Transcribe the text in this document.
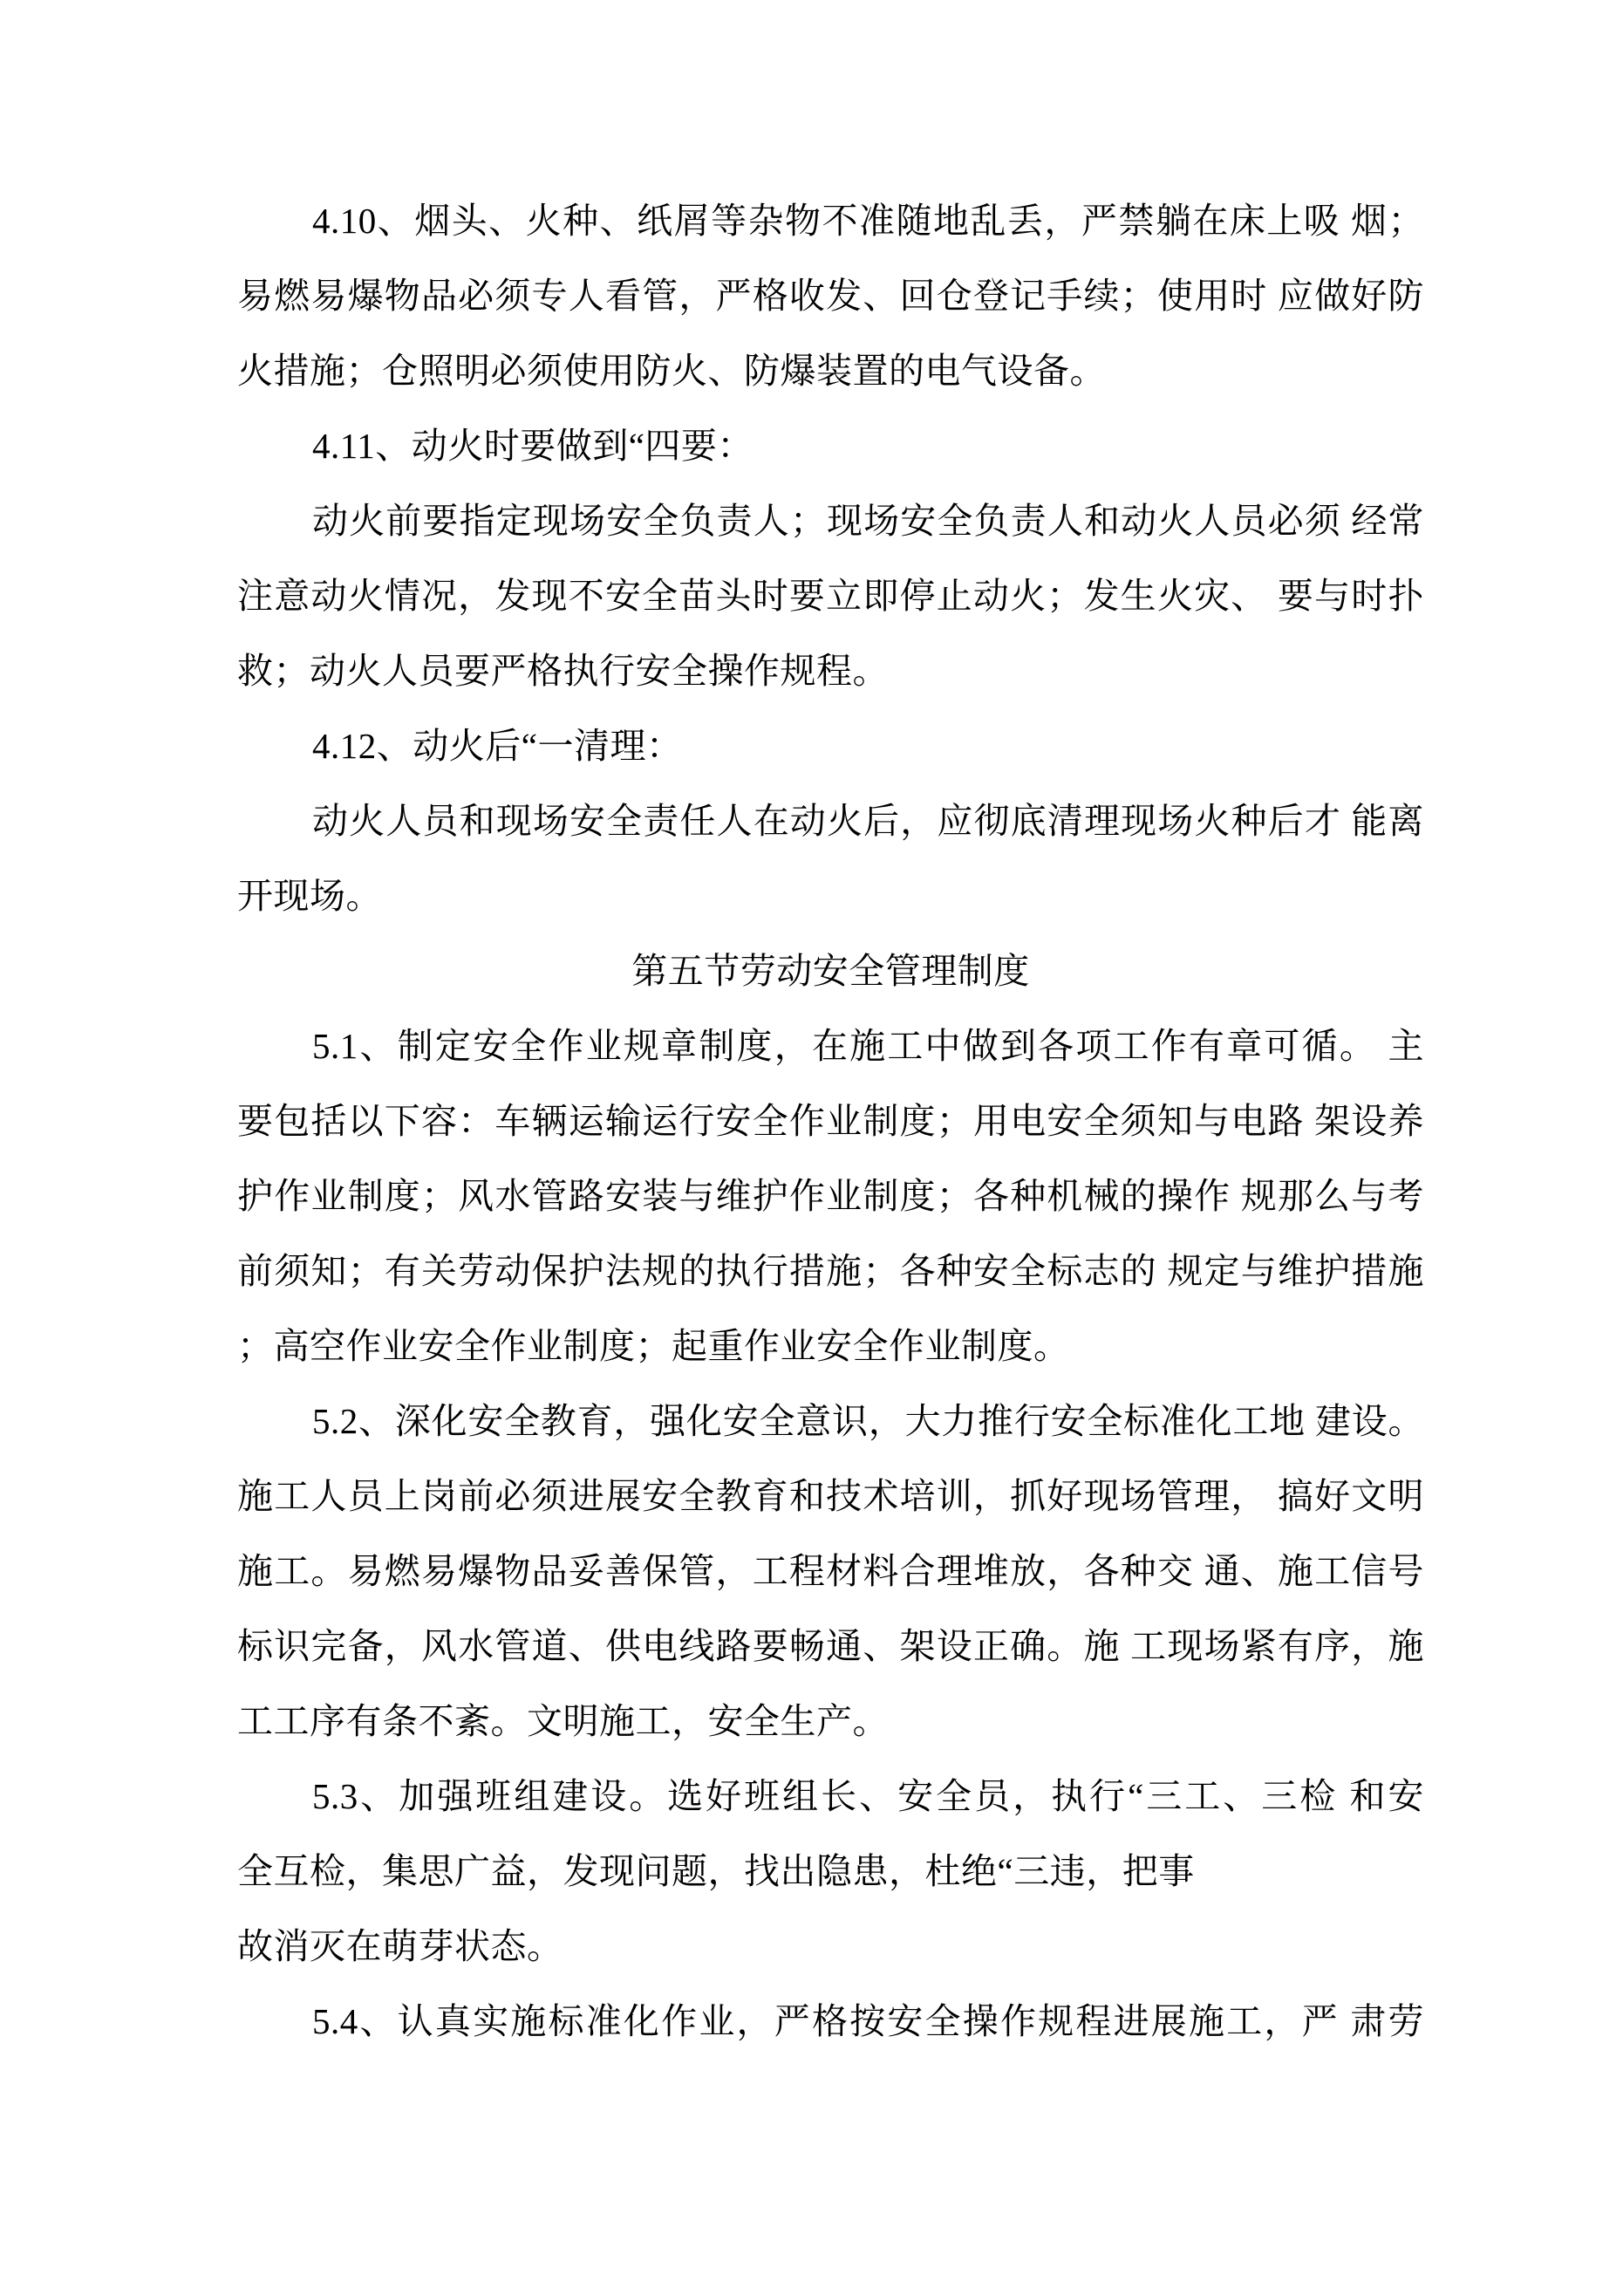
4.10、烟头、火种、纸屑等杂物不准随地乱丢，严禁躺在床上吸 烟；
易燃易爆物品必须专人看管，严格收发、回仓登记手续；使用时 应做好防
火措施；仓照明必须使用防火、防爆装置的电气设备。
4.11、动火时要做到“四要：
动火前要指定现场安全负责人；现场安全负责人和动火人员必须 经常
注意动火情况，发现不安全苗头时要立即停止动火；发生火灾、 要与时扑
救；动火人员要严格执行安全操作规程。
4.12、动火后“一清理：
动火人员和现场安全责任人在动火后，应彻底清理现场火种后才 能离
开现场。
第五节劳动安全管理制度
5.1、制定安全作业规章制度，在施工中做到各项工作有章可循。 主
要包括以下容：车辆运输运行安全作业制度；用电安全须知与电路 架设养
护作业制度；风水管路安装与维护作业制度；各种机械的操作 规那么与考
前须知；有关劳动保护法规的执行措施；各种安全标志的 规定与维护措施
；高空作业安全作业制度；起重作业安全作业制度。
5.2、深化安全教育，强化安全意识，大力推行安全标准化工地 建设。
施工人员上岗前必须进展安全教育和技术培训，抓好现场管理， 搞好文明
施工。易燃易爆物品妥善保管，工程材料合理堆放，各种交 通、施工信号
标识完备，风水管道、供电线路要畅通、架设正确。施 工现场紧有序，施
工工序有条不紊。文明施工，安全生产。
5.3、加强班组建设。选好班组长、安全员，执行“三工、三检 和安
全互检，集思广益，发现问题，找出隐患，杜绝“三违，把事
故消灭在萌芽状态。
5.4、认真实施标准化作业，严格按安全操作规程进展施工，严 肃劳
